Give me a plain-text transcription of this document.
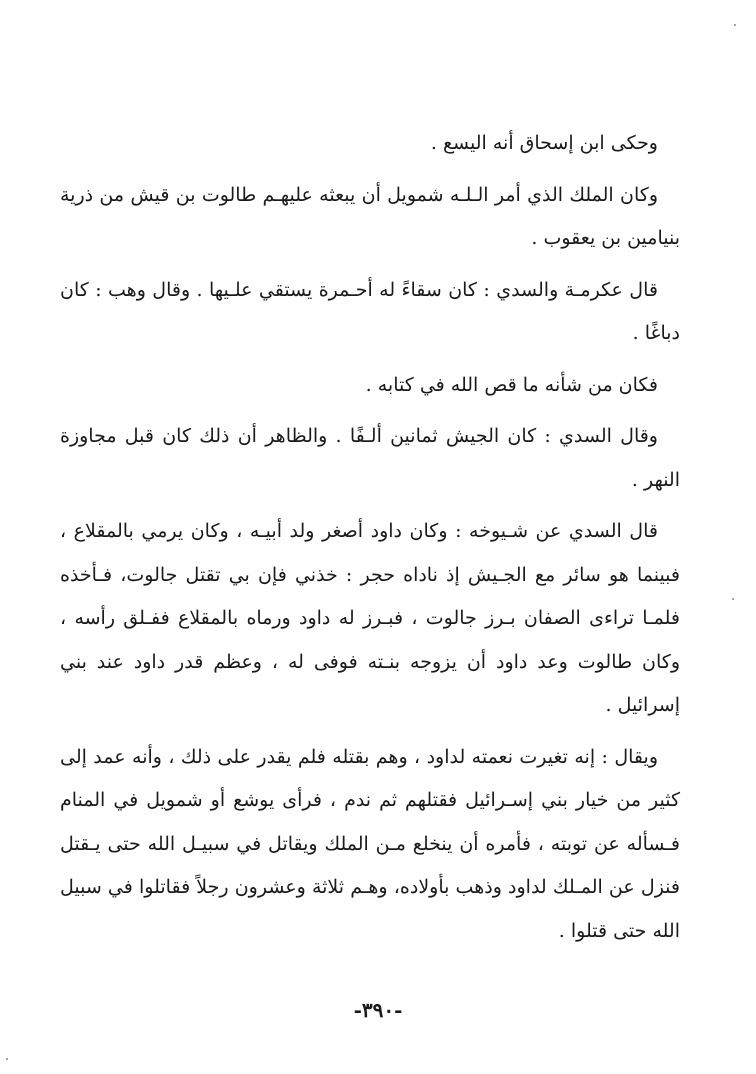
وحكى ابن إسحاق أنه اليسع .

وكان الملك الذي أمر الـلـه شمويل أن يبعثه عليهـم طالوت بن قيش من ذرية بنيامين بن يعقوب .

قال عكرمـة والسدي : كان سقاءً له أحـمرة يستقي علـيها . وقال وهب : كان دباغًا .

فكان من شأنه ما قص الله في كتابه .

وقال السدي : كان الجيش ثمانين ألـفًا . والظاهر أن ذلك كان قبل مجاوزة النهر .

قال السدي عن شـيوخه : وكان داود أصغر ولد أبيـه ، وكان يرمي بالمقلاع ، فبينما هو سائر مع الجـيش إذ ناداه حجر : خذني فإن بي تقتل جالوت، فـأخذه فلمـا تراءى الصفان بـرز جالوت ، فبـرز له داود ورماه بالمقلاع ففـلق رأسه ، وكان طالوت وعد داود أن يزوجه بنـته فوفى له ، وعظم قدر داود عند بني إسرائيل .

ويقال : إنه تغيرت نعمته لداود ، وهم بقتله فلم يقدر على ذلك ، وأنه عمد إلى كثير من خيار بني إسـرائيل فقتلهم ثم ندم ، فرأى يوشع أو شمويل في المنام فـسأله عن توبته ، فأمره أن ينخلع مـن الملك ويقاتل في سبيـل الله حتى يـقتل فنزل عن المـلك لداود وذهب بأولاده، وهـم ثلاثة وعشرون رجلاً فقاتلوا في سبيل الله حتى قتلوا .

-٣٩٠-
